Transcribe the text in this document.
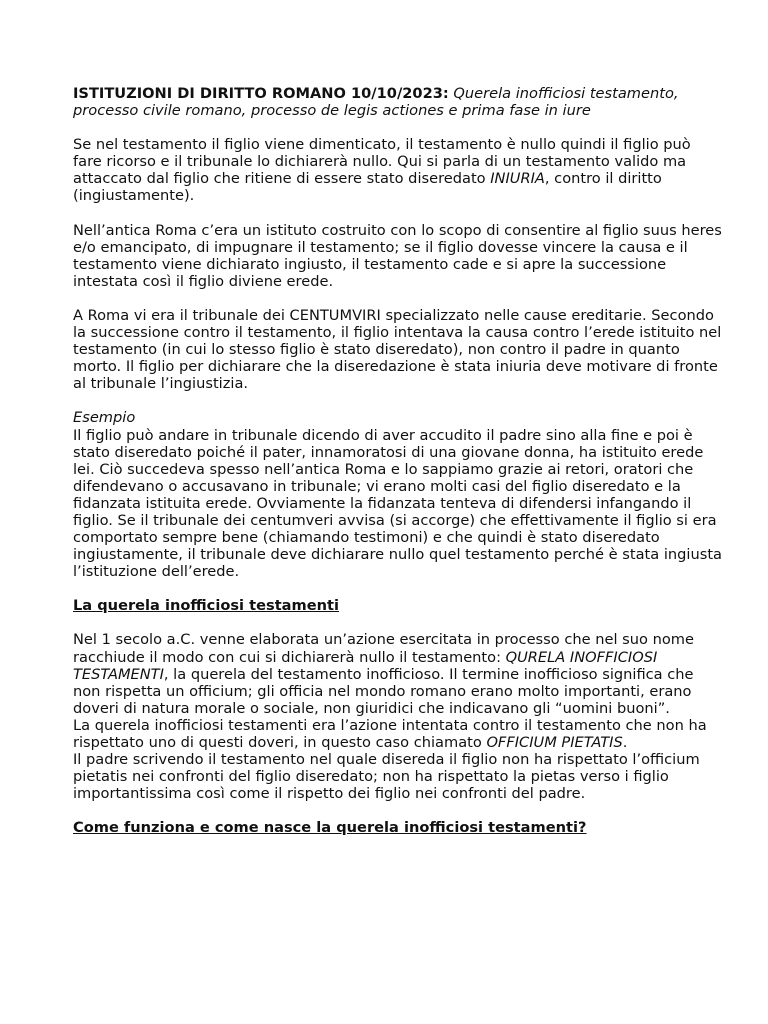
ISTITUZIONI DI DIRITTO ROMANO 10/10/2023: Querela inofficiosi testamento, processo civile romano, processo de legis actiones e prima fase in iure

Se nel testamento il figlio viene dimenticato, il testamento è nullo quindi il figlio può fare ricorso e il tribunale lo dichiarerà nullo. Qui si parla di un testamento valido ma attaccato dal figlio che ritiene di essere stato diseredato INIURIA, contro il diritto (ingiustamente).

Nell’antica Roma c’era un istituto costruito con lo scopo di consentire al figlio suus heres e/o emancipato, di impugnare il testamento; se il figlio dovesse vincere la causa e il testamento viene dichiarato ingiusto, il testamento cade e si apre la successione intestata così il figlio diviene erede.

A Roma vi era il tribunale dei CENTUMVIRI specializzato nelle cause ereditarie. Secondo la successione contro il testamento, il figlio intentava la causa contro l’erede istituito nel testamento (in cui lo stesso figlio è stato diseredato), non contro il padre in quanto morto. Il figlio per dichiarare che la diseredazione è stata iniuria deve motivare di fronte al tribunale l’ingiustizia.

Esempio

Il figlio può andare in tribunale dicendo di aver accudito il padre sino alla fine e poi è stato diseredato poiché il pater, innamoratosi di una giovane donna, ha istituito erede lei. Ciò succedeva spesso nell’antica Roma e lo sappiamo grazie ai retori, oratori che difendevano o accusavano in tribunale; vi erano molti casi del figlio diseredato e la fidanzata istituita erede. Ovviamente la fidanzata tenteva di difendersi infangando il figlio. Se il tribunale dei centumveri avvisa (si accorge) che effettivamente il figlio si era comportato sempre bene (chiamando testimoni) e che quindi è stato diseredato ingiustamente, il tribunale deve dichiarare nullo quel testamento perché è stata ingiusta l’istituzione dell’erede.

La querela inofficiosi testamenti

Nel 1 secolo a.C. venne elaborata un’azione esercitata in processo che nel suo nome racchiude il modo con cui si dichiarerà nullo il testamento: QURELA INOFFICIOSI TESTAMENTI, la querela del testamento inofficioso. Il termine inofficioso significa che non rispetta un officium; gli officia nel mondo romano erano molto importanti, erano doveri di natura morale o sociale, non giuridici che indicavano gli “uomini buoni”.

La querela inofficiosi testamenti era l’azione intentata contro il testamento che non ha rispettato uno di questi doveri, in questo caso chiamato OFFICIUM PIETATIS.

Il padre scrivendo il testamento nel quale disereda il figlio non ha rispettato l’officium pietatis nei confronti del figlio diseredato; non ha rispettato la pietas verso i figlio importantissima così come il rispetto dei figlio nei confronti del padre.

Come funziona e come nasce la querela inofficiosi testamenti?
